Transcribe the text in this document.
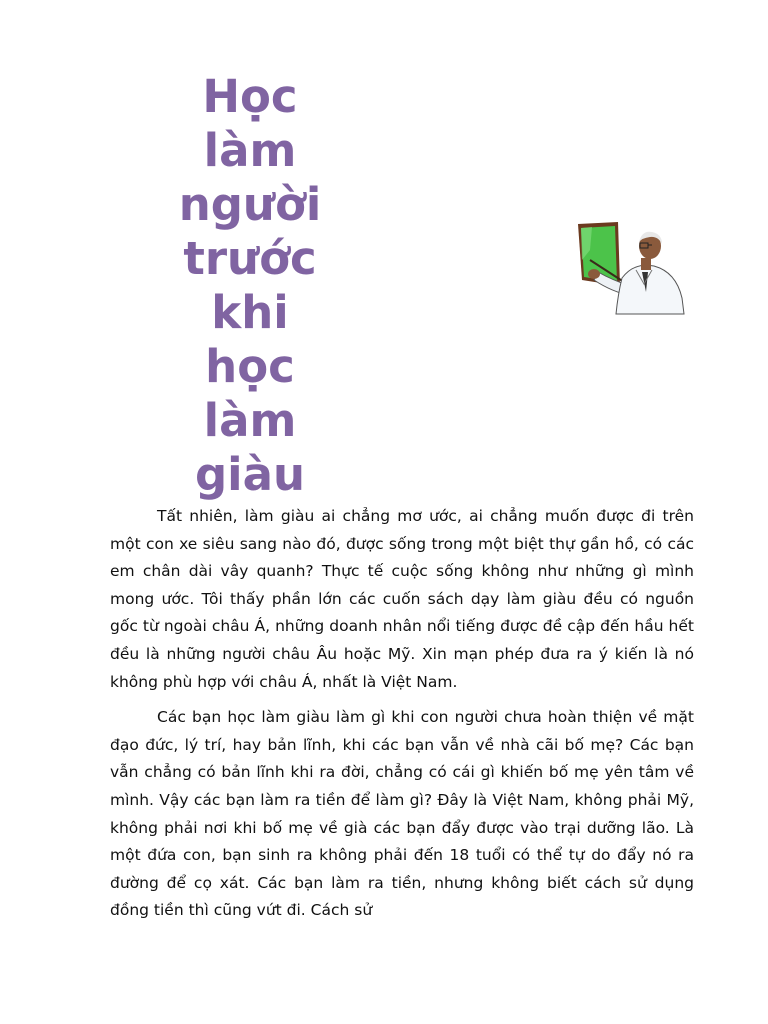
Học
làm
người
trước
khi
học
làm
giàu

Tất nhiên, làm giàu ai chẳng mơ ước, ai chẳng muốn được đi trên một con xe siêu sang nào đó, được sống trong một biệt thự gần hồ, có các em chân dài vây quanh? Thực tế cuộc sống không như những gì mình mong ước. Tôi thấy phần lớn các cuốn sách dạy làm giàu đều có nguồn gốc từ ngoài châu Á, những doanh nhân nổi tiếng được đề cập đến hầu hết đều là những người châu Âu hoặc Mỹ. Xin mạn phép đưa ra ý kiến là nó không phù hợp với châu Á, nhất là Việt Nam.

Các bạn học làm giàu làm gì khi con người chưa hoàn thiện về mặt đạo đức, lý trí, hay bản lĩnh, khi các bạn vẫn về nhà cãi bố mẹ? Các bạn vẫn chẳng có bản lĩnh khi ra đời, chẳng có cái gì khiến bố mẹ yên tâm về mình. Vậy các bạn làm ra tiền để làm gì? Đây là Việt Nam, không phải Mỹ, không phải nơi khi bố mẹ về già các bạn đẩy được vào trại dưỡng lão. Là một đứa con, bạn sinh ra không phải đến 18 tuổi có thể tự do đẩy nó ra đường để cọ xát. Các bạn làm ra tiền, nhưng không biết cách sử dụng đồng tiền thì cũng vứt đi. Cách sử
